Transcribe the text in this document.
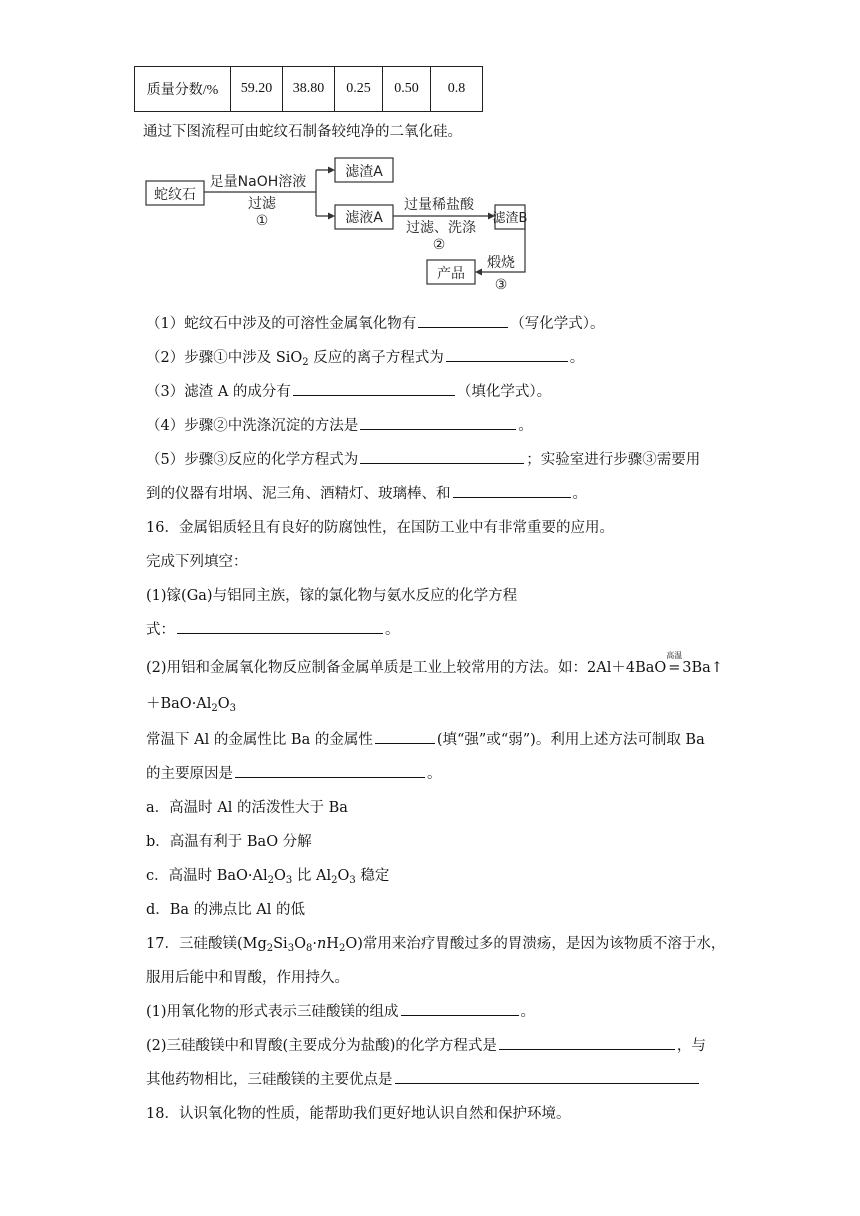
质量分数/%	59.20	38.80	0.25	0.50	0.8
通过下图流程可由蛇纹石制备较纯净的二氧化硅。
蛇纹石
滤渣A
滤液A	滤渣B
产品
足量NaOH溶液
过滤
①
过量稀盐酸
过滤、洗涤
②
煅烧
③
（1）蛇纹石中涉及的可溶性金属氧化物有	（写化学式）。
（2）步骤①中涉及 SiO$_2$ 反应的离子方程式为	。
（3）滤渣 A 的成分有	（填化学式）。
（4）步骤②中洗涤沉淀的方法是	。
（5）步骤③反应的化学方程式为	；实验室进行步骤③需要用
到的仪器有坩埚、泥三角、酒精灯、玻璃棒、和	。
16．金属铝质轻且有良好的防腐蚀性，在国防工业中有非常重要的应用。
完成下列填空：
(1)镓(Ga)与铝同主族，镓的氯化物与氨水反应的化学方程
式：	。
(2)用铝和金属氧化物反应制备金属单质是工业上较常用的方法。如：2Al＋4BaO
高温
= 3Ba↑
$+BaO\cdot Al_2O_3$
常温下 Al 的金属性比 Ba 的金属性	(填“强”或“弱”)。利用上述方法可制取 Ba
的主要原因是	。
a．高温时 Al 的活泼性大于 Ba
b．高温有利于 BaO 分解
c．高温时 $BaO\cdot Al_2O_3$ 比 $Al_2O_3$ 稳定
d．Ba 的沸点比 Al 的低
17．三硅酸镁$(Mg_2Si_3O_8\cdot nH_2O)$常用来治疗胃酸过多的胃溃疡，是因为该物质不溶于水，
服用后能中和胃酸，作用持久。
(1)用氧化物的形式表示三硅酸镁的组成	。
(2)三硅酸镁中和胃酸(主要成分为盐酸)的化学方程式是	，与
其他药物相比，三硅酸镁的主要优点是
18．认识氧化物的性质，能帮助我们更好地认识自然和保护环境。
